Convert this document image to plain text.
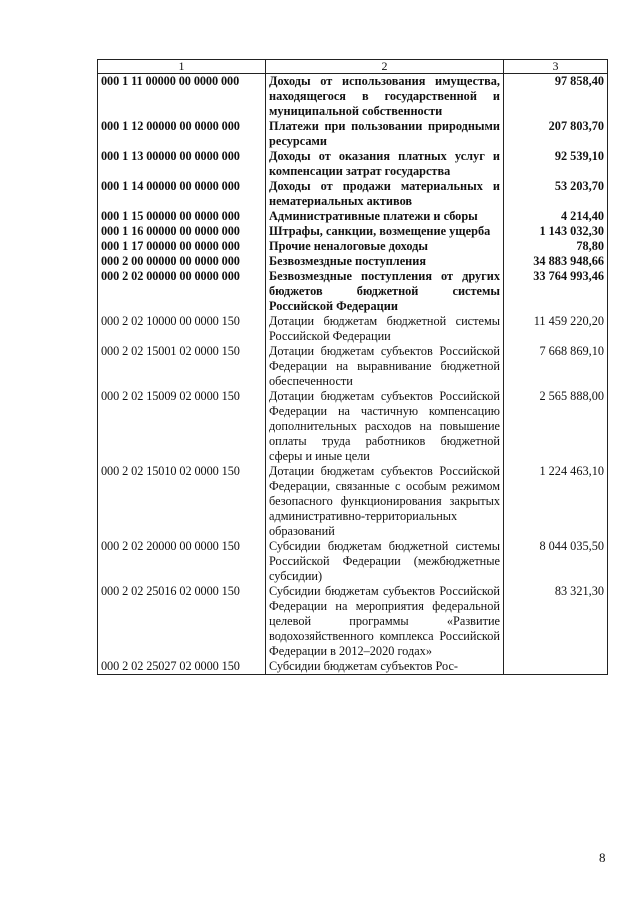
1	2	3
000 1 11 00000 00 0000 000	Доходы от использования имущества, находящегося в государственной и муниципальной собственности	97 858,40
000 1 12 00000 00 0000 000	Платежи при пользовании природными ресурсами	207 803,70
000 1 13 00000 00 0000 000	Доходы от оказания платных услуг и компенсации затрат государства	92 539,10
000 1 14 00000 00 0000 000	Доходы от продажи материальных и нематериальных активов	53 203,70
000 1 15 00000 00 0000 000	Административные платежи и сборы	4 214,40
000 1 16 00000 00 0000 000	Штрафы, санкции, возмещение ущерба	1 143 032,30
000 1 17 00000 00 0000 000	Прочие неналоговые доходы	78,80
000 2 00 00000 00 0000 000	Безвозмездные поступления	34 883 948,66
000 2 02 00000 00 0000 000	Безвозмездные поступления от других бюджетов бюджетной системы Российской Федерации	33 764 993,46
000 2 02 10000 00 0000 150	Дотации бюджетам бюджетной системы Российской Федерации	11 459 220,20
000 2 02 15001 02 0000 150	Дотации бюджетам субъектов Российской Федерации на выравнивание бюджетной обеспеченности	7 668 869,10
000 2 02 15009 02 0000 150	Дотации бюджетам субъектов Российской Федерации на частичную компенсацию дополнительных расходов на повышение оплаты труда работников бюджетной сферы и иные цели	2 565 888,00
000 2 02 15010 02 0000 150	Дотации бюджетам субъектов Российской Федерации, связанные с особым режимом безопасного функционирования закрытых административно-территориальных образований	1 224 463,10
000 2 02 20000 00 0000 150	Субсидии бюджетам бюджетной системы Российской Федерации (межбюджетные субсидии)	8 044 035,50
000 2 02 25016 02 0000 150	Субсидии бюджетам субъектов Российской Федерации на мероприятия федеральной целевой программы «Развитие водохозяйственного комплекса Российской Федерации в 2012–2020 годах»	83 321,30
000 2 02 25027 02 0000 150	Субсидии бюджетам субъектов Рос-	
8
